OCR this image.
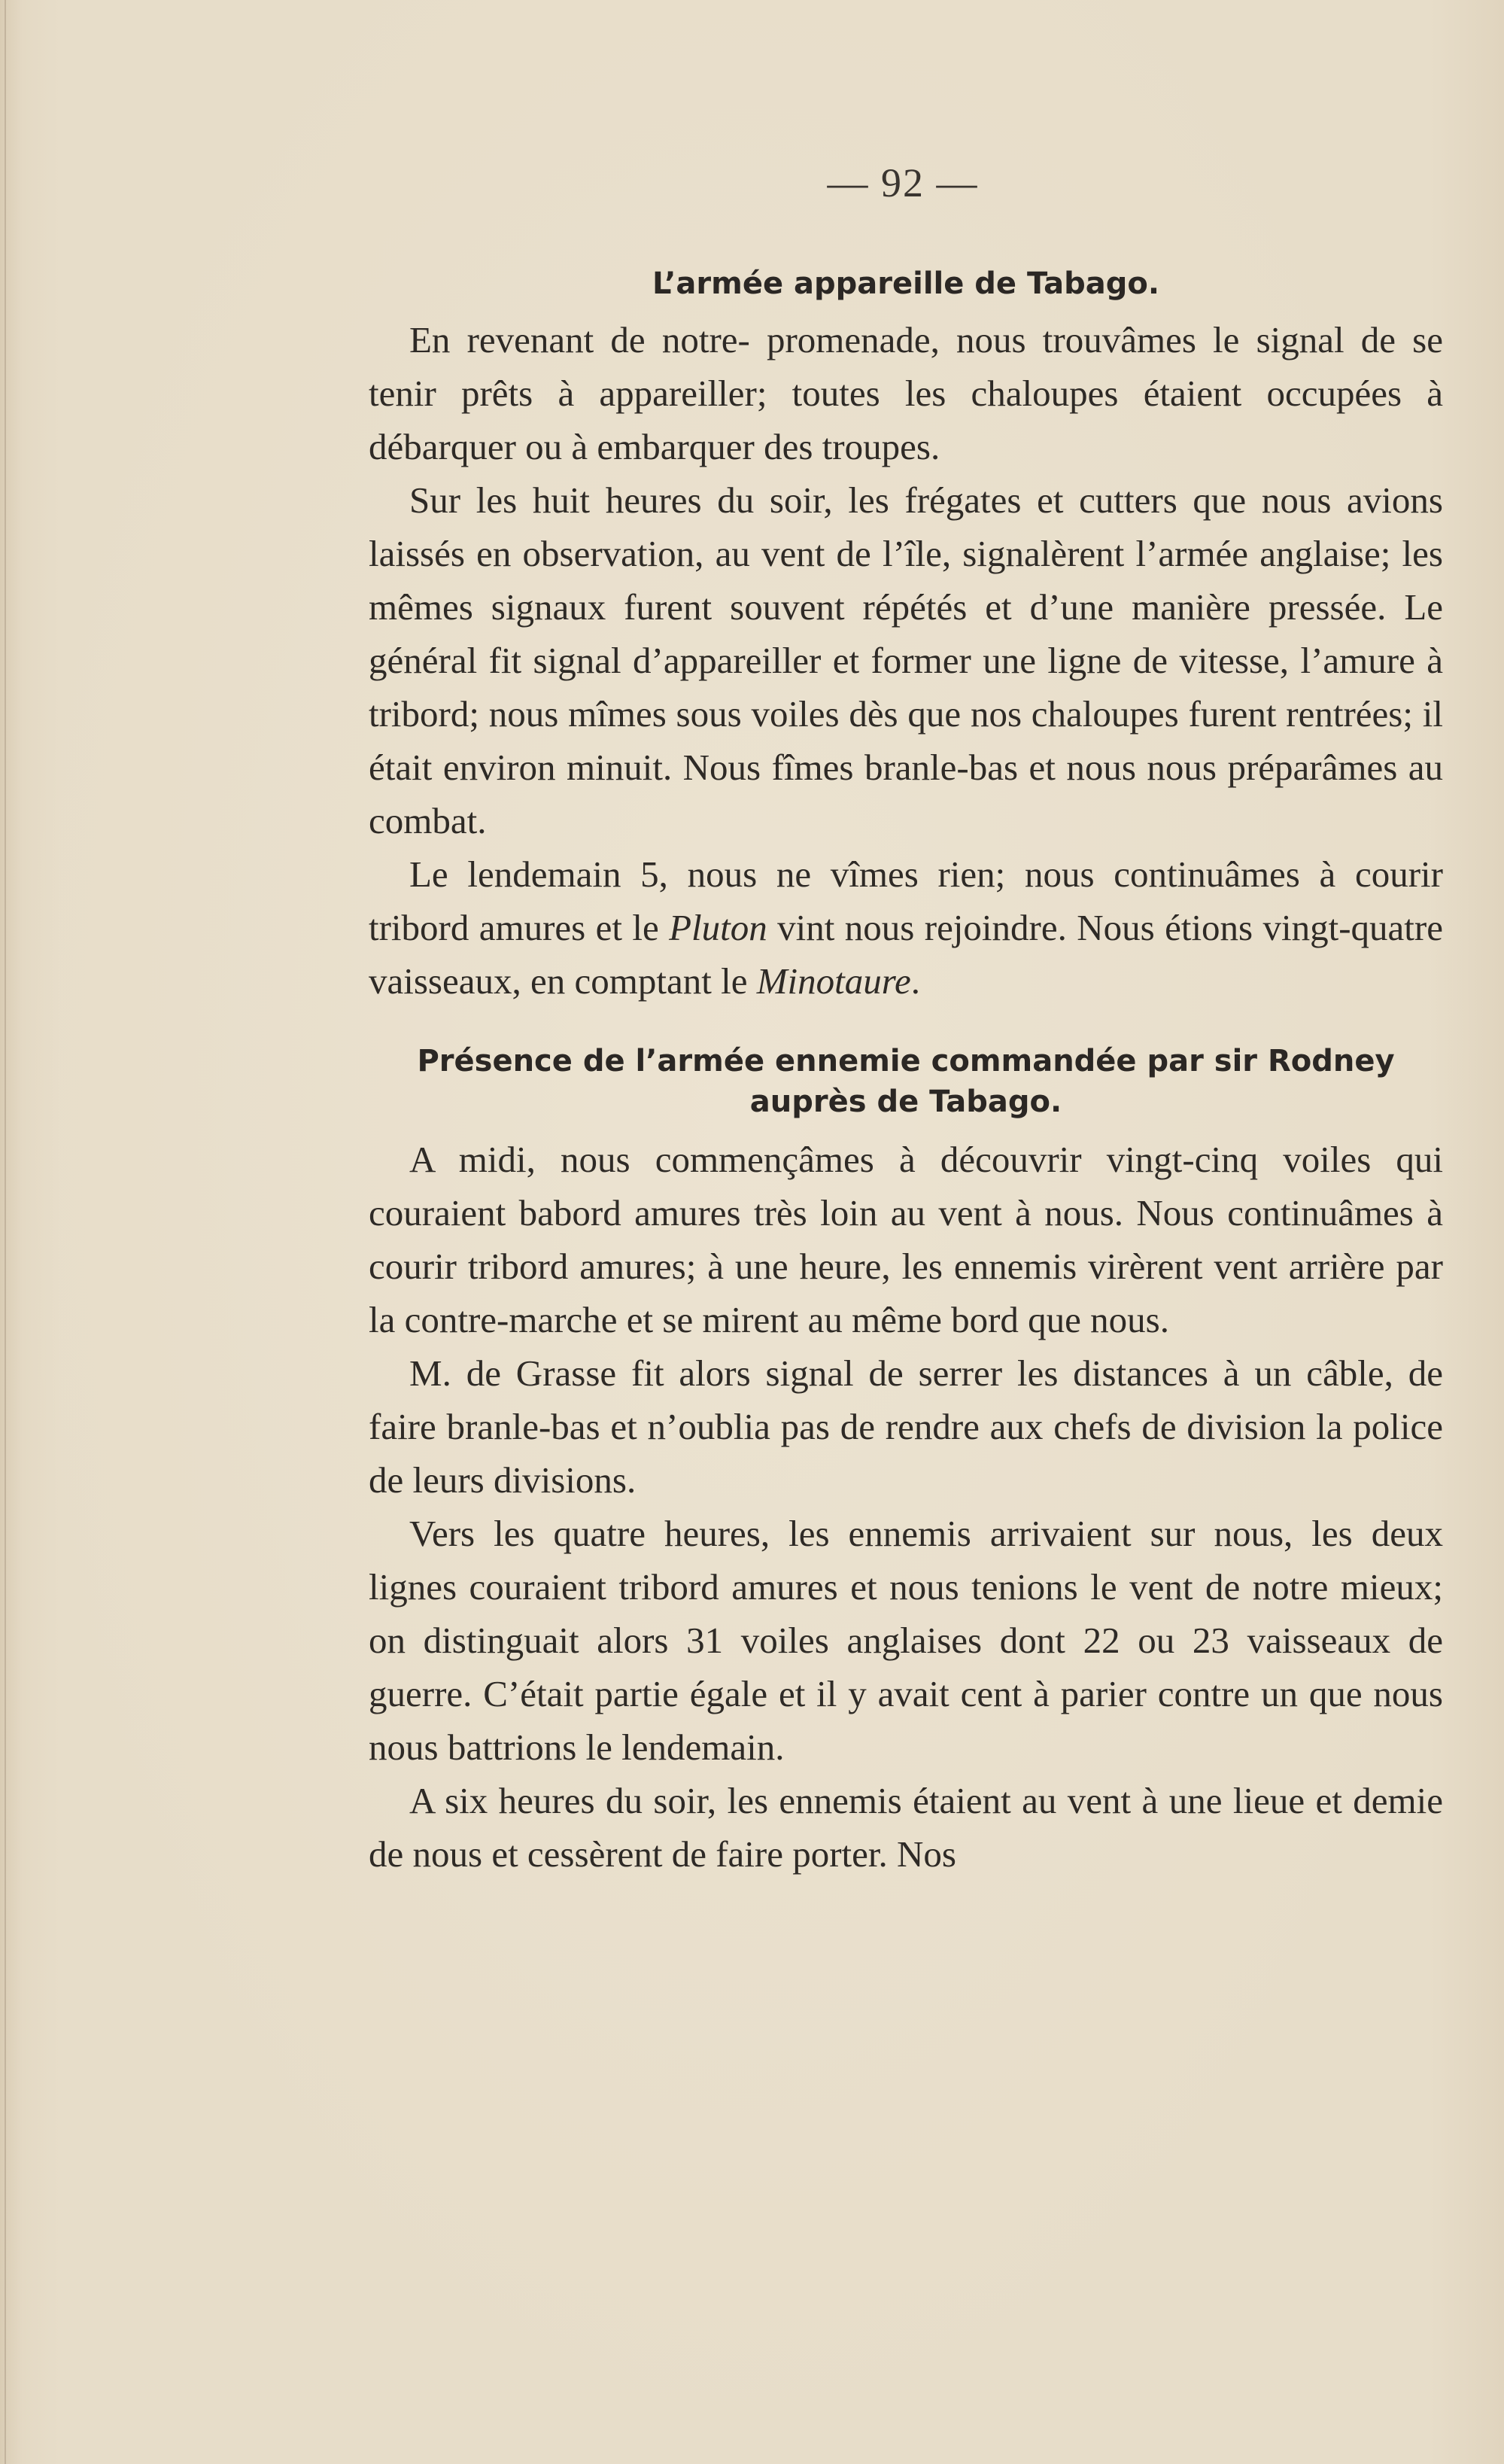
— 92 —

L’armée appareille de Tabago.

En revenant de notre- promenade, nous trouvâmes le signal de se tenir prêts à appareiller; toutes les chaloupes étaient occupées à débarquer ou à embarquer des troupes.

Sur les huit heures du soir, les frégates et cutters que nous avions laissés en observation, au vent de l’île, signalèrent l’armée anglaise; les mêmes signaux furent souvent répétés et d’une manière pressée. Le général fit signal d’appareiller et former une ligne de vitesse, l’amure à tribord; nous mîmes sous voiles dès que nos chaloupes furent rentrées; il était environ minuit. Nous fîmes branle-bas et nous nous préparâmes au combat.

Le lendemain 5, nous ne vîmes rien; nous continuâmes à courir tribord amures et le Pluton vint nous rejoindre. Nous étions vingt-quatre vaisseaux, en comptant le Minotaure.

Présence de l’armée ennemie commandée par sir Rodney auprès de Tabago.

A midi, nous commençâmes à découvrir vingt-cinq voiles qui couraient babord amures très loin au vent à nous. Nous continuâmes à courir tribord amures; à une heure, les ennemis virèrent vent arrière par la contre-marche et se mirent au même bord que nous.

M. de Grasse fit alors signal de serrer les distances à un câble, de faire branle-bas et n’oublia pas de rendre aux chefs de division la police de leurs divisions.

Vers les quatre heures, les ennemis arrivaient sur nous, les deux lignes couraient tribord amures et nous tenions le vent de notre mieux; on distinguait alors 31 voiles anglaises dont 22 ou 23 vaisseaux de guerre. C’était partie égale et il y avait cent à parier contre un que nous nous battrions le lendemain.

A six heures du soir, les ennemis étaient au vent à une lieue et demie de nous et cessèrent de faire porter. Nos
